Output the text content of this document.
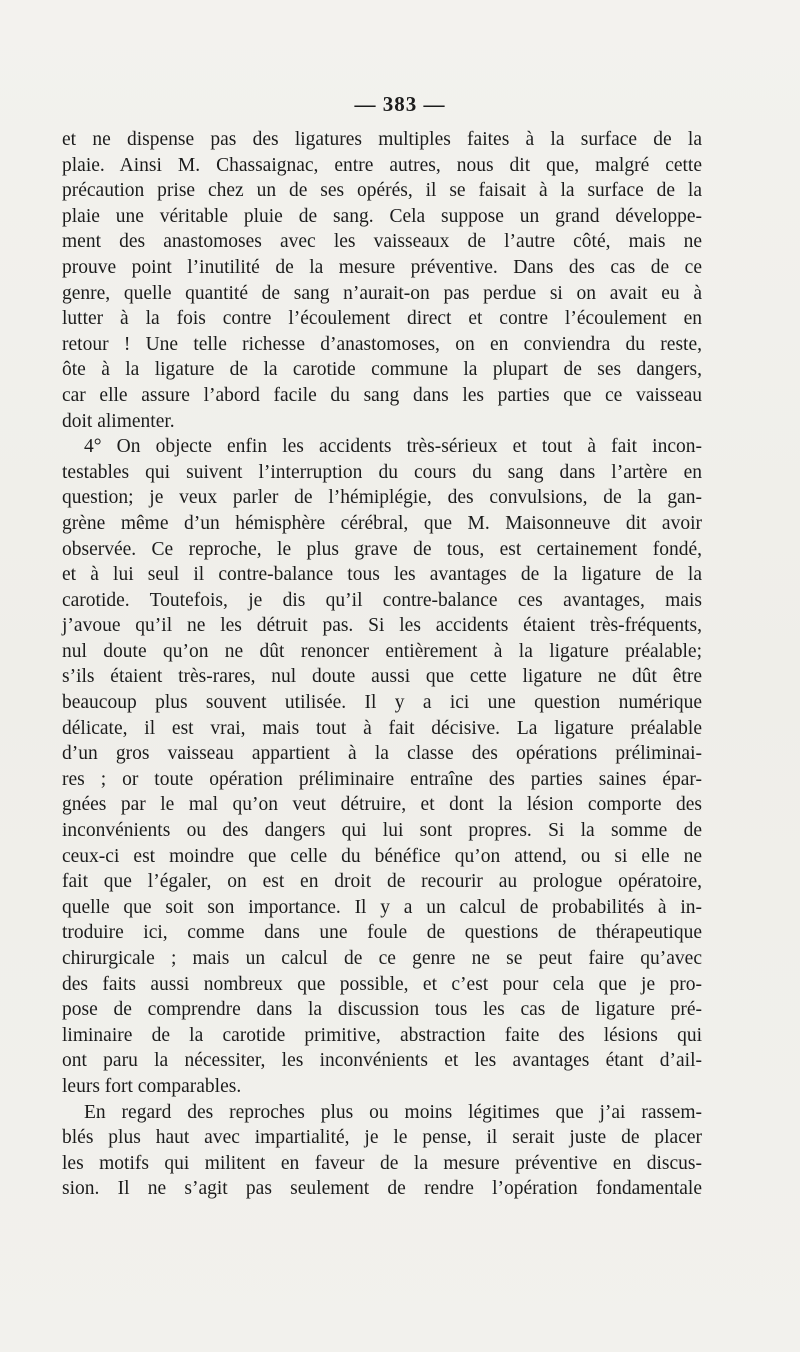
— 383 —
et ne dispense pas des ligatures multiples faites à la surface de la
plaie. Ainsi M. Chassaignac, entre autres, nous dit que, malgré cette
précaution prise chez un de ses opérés, il se faisait à la surface de la
plaie une véritable pluie de sang. Cela suppose un grand développe-
ment des anastomoses avec les vaisseaux de l’autre côté, mais ne
prouve point l’inutilité de la mesure préventive. Dans des cas de ce
genre, quelle quantité de sang n’aurait-on pas perdue si on avait eu à
lutter à la fois contre l’écoulement direct et contre l’écoulement en
retour ! Une telle richesse d’anastomoses, on en conviendra du reste,
ôte à la ligature de la carotide commune la plupart de ses dangers,
car elle assure l’abord facile du sang dans les parties que ce vaisseau
doit alimenter.
4° On objecte enfin les accidents très-sérieux et tout à fait incon-
testables qui suivent l’interruption du cours du sang dans l’artère en
question; je veux parler de l’hémiplégie, des convulsions, de la gan-
grène même d’un hémisphère cérébral, que M. Maisonneuve dit avoir
observée. Ce reproche, le plus grave de tous, est certainement fondé,
et à lui seul il contre-balance tous les avantages de la ligature de la
carotide. Toutefois, je dis qu’il contre-balance ces avantages, mais
j’avoue qu’il ne les détruit pas. Si les accidents étaient très-fréquents,
nul doute qu’on ne dût renoncer entièrement à la ligature préalable;
s’ils étaient très-rares, nul doute aussi que cette ligature ne dût être
beaucoup plus souvent utilisée. Il y a ici une question numérique
délicate, il est vrai, mais tout à fait décisive. La ligature préalable
d’un gros vaisseau appartient à la classe des opérations préliminai-
res ; or toute opération préliminaire entraîne des parties saines épar-
gnées par le mal qu’on veut détruire, et dont la lésion comporte des
inconvénients ou des dangers qui lui sont propres. Si la somme de
ceux-ci est moindre que celle du bénéfice qu’on attend, ou si elle ne
fait que l’égaler, on est en droit de recourir au prologue opératoire,
quelle que soit son importance. Il y a un calcul de probabilités à in-
troduire ici, comme dans une foule de questions de thérapeutique
chirurgicale ; mais un calcul de ce genre ne se peut faire qu’avec
des faits aussi nombreux que possible, et c’est pour cela que je pro-
pose de comprendre dans la discussion tous les cas de ligature pré-
liminaire de la carotide primitive, abstraction faite des lésions qui
ont paru la nécessiter, les inconvénients et les avantages étant d’ail-
leurs fort comparables.
En regard des reproches plus ou moins légitimes que j’ai rassem-
blés plus haut avec impartialité, je le pense, il serait juste de placer
les motifs qui militent en faveur de la mesure préventive en discus-
sion. Il ne s’agit pas seulement de rendre l’opération fondamentale
